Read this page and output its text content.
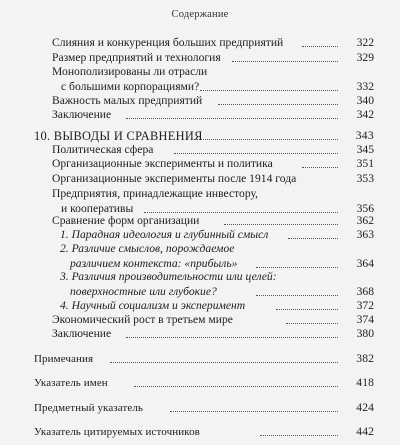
Содержание
Слияния и конкуренция больших предприятий	322
Размер предприятий и технология	329
Монополизированы ли отрасли
с большими корпорациями?	332
Важность малых предприятий	340
Заключение	342
10. ВЫВОДЫ И СРАВНЕНИЯ	343
Политическая сфера	345
Организационные эксперименты и политика	351
Организационные эксперименты после 1914 года	353
Предприятия, принадлежащие инвестору,
и кооперативы	356
Сравнение форм организации	362
1. Парадная идеология и глубинный смысл	363
2. Различие смыслов, порождаемое
различием контекста: «прибыль»	364
3. Различия производительности или целей:
поверхностные или глубокие?	368
4. Научный социализм и эксперимент	372
Экономический рост в третьем мире	374
Заключение	380
Примечания	382
Указатель имен	418
Предметный указатель	424
Указатель цитируемых источников	442
